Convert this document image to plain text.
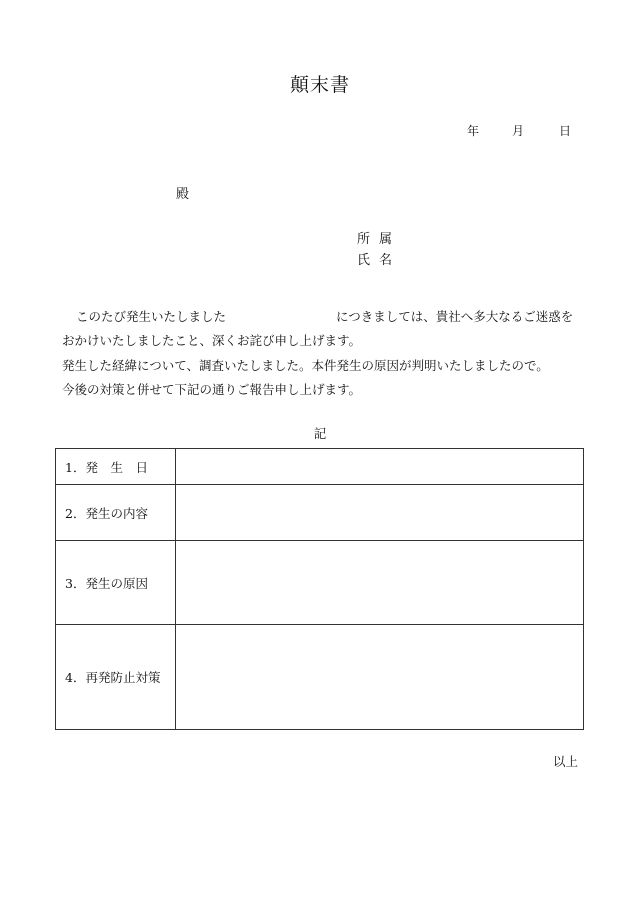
顛末書
年	月	日
殿
所属
氏名
このたび発生いたしました	につきましては、貴社へ多大なるご迷惑を
おかけいたしましたこと、深くお詫び申し上げます。
発生した経緯について、調査いたしました。本件発生の原因が判明いたしましたので。
今後の対策と併せて下記の通りご報告申し上げます。
記
1．発　生　日	
2．発生の内容	
3．発生の原因	
4．再発防止対策	
以上
